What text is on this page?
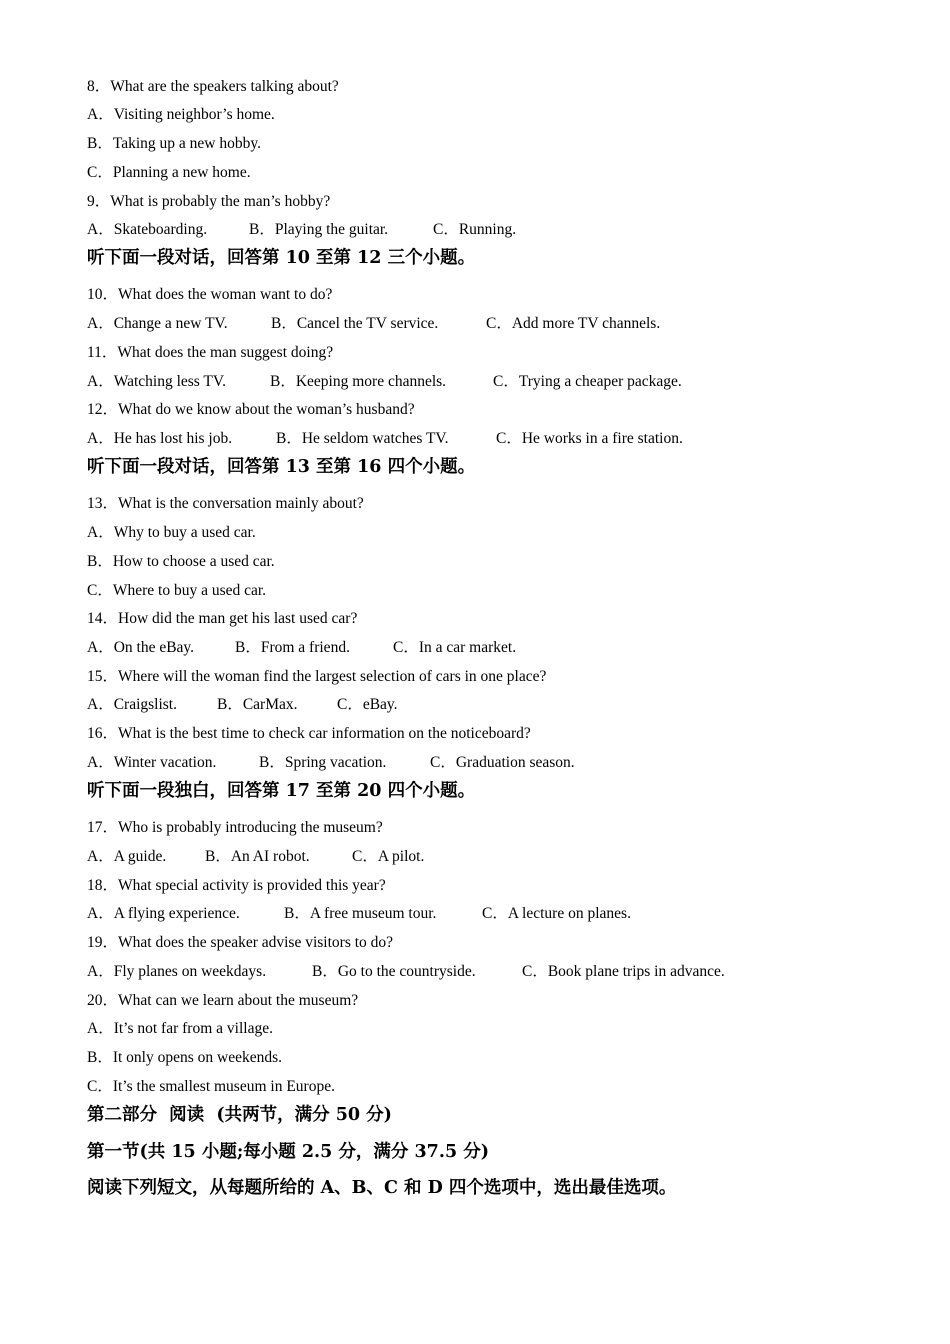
8．What are the speakers talking about?
A．Visiting neighbor’s home.
B．Taking up a new hobby.
C．Planning a new home.
9．What is probably the man’s hobby?
A．Skateboarding.	B．Playing the guitar.	C．Running.
听下面一段对话，回答第 10 至第 12 三个小题。
10．What does the woman want to do?
A．Change a new TV.	B．Cancel the TV service.	C．Add more TV channels.
11．What does the man suggest doing?
A．Watching less TV.	B．Keeping more channels.	C．Trying a cheaper package.
12．What do we know about the woman’s husband?
A．He has lost his job.	B．He seldom watches TV.	C．He works in a fire station.
听下面一段对话，回答第 13 至第 16 四个小题。
13．What is the conversation mainly about?
A．Why to buy a used car.
B．How to choose a used car.
C．Where to buy a used car.
14．How did the man get his last used car?
A．On the eBay.	B．From a friend.	C．In a car market.
15．Where will the woman find the largest selection of cars in one place?
A．Craigslist.	B．CarMax.	C．eBay.
16．What is the best time to check car information on the noticeboard?
A．Winter vacation.	B．Spring vacation.	C．Graduation season.
听下面一段独白，回答第 17 至第 20 四个小题。
17．Who is probably introducing the museum?
A．A guide.	B．An AI robot.	C．A pilot.
18．What special activity is provided this year?
A．A flying experience.	B．A free museum tour.	C．A lecture on planes.
19．What does the speaker advise visitors to do?
A．Fly planes on weekdays.	B．Go to the countryside.	C．Book plane trips in advance.
20．What can we learn about the museum?
A．It’s not far from a village.
B．It only opens on weekends.
C．It’s the smallest museum in Europe.
第二部分  阅读  (共两节，满分 50 分)
第一节(共 15 小题;每小题 2.5 分，满分 37.5 分)
阅读下列短文，从每题所给的 A、B、C 和 D 四个选项中，选出最佳选项。
